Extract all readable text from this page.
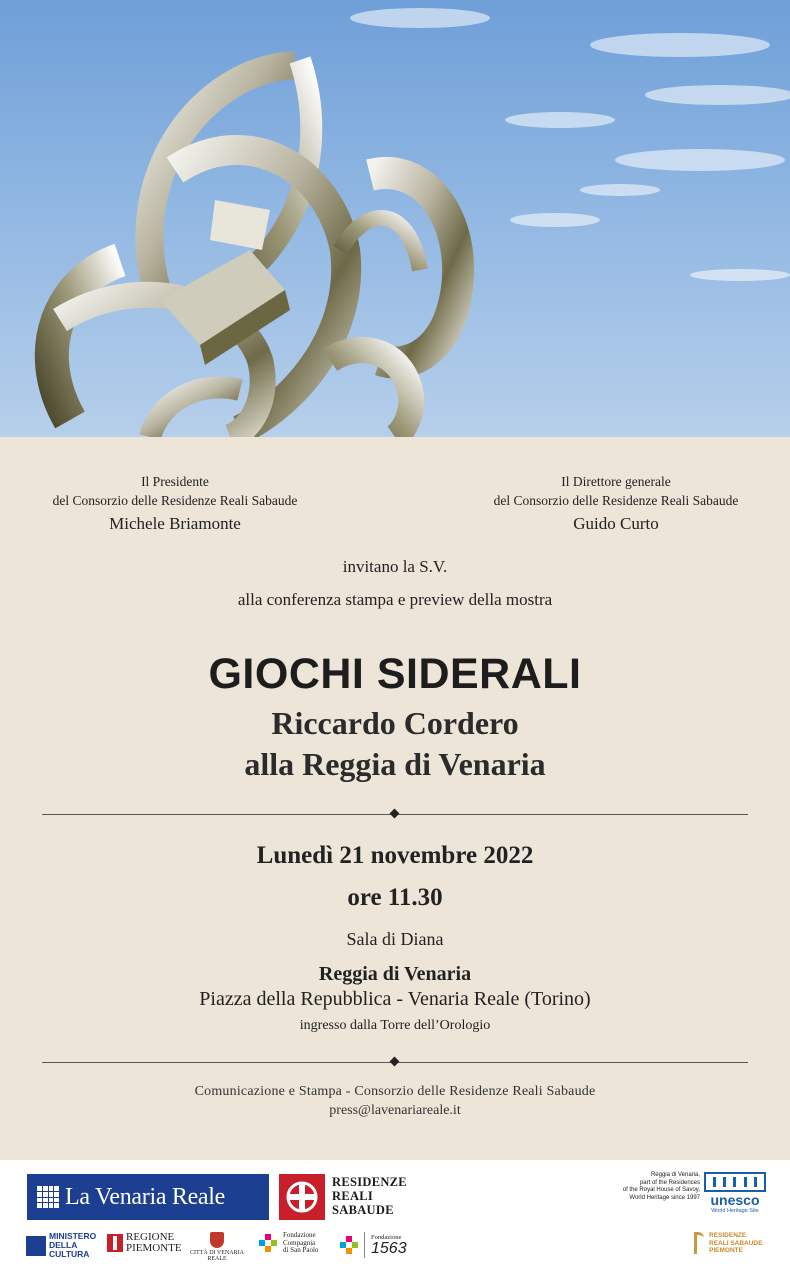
Il Presidente
del Consorzio delle Residenze Reali Sabaude
Michele Briamonte
Il Direttore generale
del Consorzio delle Residenze Reali Sabaude
Guido Curto
invitano la S.V.
alla conferenza stampa e preview della mostra
GIOCHI SIDERALI
Riccardo Cordero
alla Reggia di Venaria
Lunedì 21 novembre 2022
ore 11.30
Sala di Diana
Reggia di Venaria
Piazza della Repubblica - Venaria Reale (Torino)
ingresso dalla Torre dell’Orologio
Comunicazione e Stampa - Consorzio delle Residenze Reali Sabaude
press@lavenariareale.it
La Venaria Reale
RESIDENZE
REALI
SABAUDE
Reggia di Venaria,
part of the Residences
of the Royal House of Savoy,
World Heritage since 1997 unesco
World Heritage Site
MINISTERO
DELLA
CULTURA
REGIONE
PIEMONTE	CITTÀ DI VENARIA REALE
Fondazione
Compagnia
di San Paolo
Fondazione
1563
RESIDENZE
REALI SABAUDE
PIEMONTE
